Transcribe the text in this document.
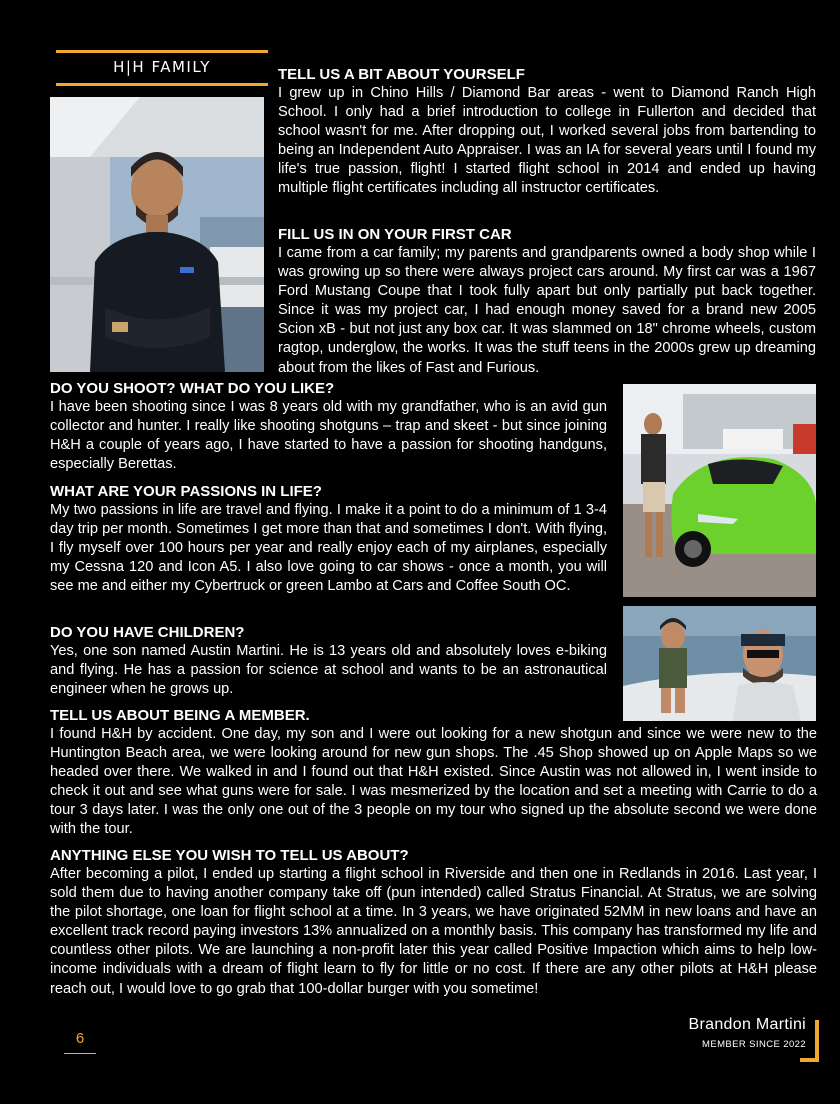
H|H FAMILY	TELL US A BIT ABOUT YOURSELF

I grew up in Chino Hills / Diamond Bar areas - went to Diamond Ranch High School. I only had a brief introduction to college in Fullerton and decided that school wasn't for me. After dropping out, I worked several jobs from bartending to being an Independent Auto Appraiser. I was an IA for several years until I found my life's true passion, flight! I started flight school in 2014 and ended up having multiple flight certificates including all instructor certificates.

FILL US IN ON YOUR FIRST CAR

I came from a car family; my parents and grandparents owned a body shop while I was growing up so there were always project cars around. My first car was a 1967 Ford Mustang Coupe that I took fully apart but only partially put back together. Since it was my project car, I had enough money saved for a brand new 2005 Scion xB - but not just any box car. It was slammed on 18" chrome wheels, custom ragtop, underglow, the works. It was the stuff teens in the 2000s grew up dreaming about from the likes of Fast and Furious.

DO YOU SHOOT? WHAT DO YOU LIKE?

I have been shooting since I was 8 years old with my grandfather, who is an avid gun collector and hunter. I really like shooting shotguns – trap and skeet - but since joining H&H a couple of years ago, I have started to have a passion for shooting handguns, especially Berettas.

WHAT ARE YOUR PASSIONS IN LIFE?

My two passions in life are travel and flying. I make it a point to do a minimum of 1 3-4 day trip per month. Sometimes I get more than that and sometimes I don't. With flying, I fly myself over 100 hours per year and really enjoy each of my airplanes, especially my Cessna 120 and Icon A5. I also love going to car shows - once a month, you will see me and either my Cybertruck or green Lambo at Cars and Coffee South OC.

DO YOU HAVE CHILDREN?

Yes, one son named Austin Martini. He is 13 years old and absolutely loves e-biking and flying. He has a passion for science at school and wants to be an astronautical engineer when he grows up.

TELL US ABOUT BEING A MEMBER.

I found H&H by accident. One day, my son and I were out looking for a new shotgun and since we were new to the Huntington Beach area, we were looking around for new gun shops. The .45 Shop showed up on Apple Maps so we headed over there. We walked in and I found out that H&H existed. Since Austin was not allowed in, I went inside to check it out and see what guns were for sale. I was mesmerized by the location and set a meeting with Carrie to do a tour 3 days later. I was the only one out of the 3 people on my tour who signed up the absolute second we were done with the tour.

ANYTHING ELSE YOU WISH TO TELL US ABOUT?

After becoming a pilot, I ended up starting a flight school in Riverside and then one in Redlands in 2016. Last year, I sold them due to having another company take off (pun intended) called Stratus Financial. At Stratus, we are solving the pilot shortage, one loan for flight school at a time. In 3 years, we have originated 52MM in new loans and have an excellent track record paying investors 13% annualized on a monthly basis. This company has transformed my life and countless other pilots. We are launching a non-profit later this year called Positive Impaction which aims to help low-income individuals with a dream of flight learn to fly for little or no cost. If there are any other pilots at H&H please reach out, I would love to go grab that 100-dollar burger with you sometime!

6
Brandon Martini
MEMBER SINCE 2022
